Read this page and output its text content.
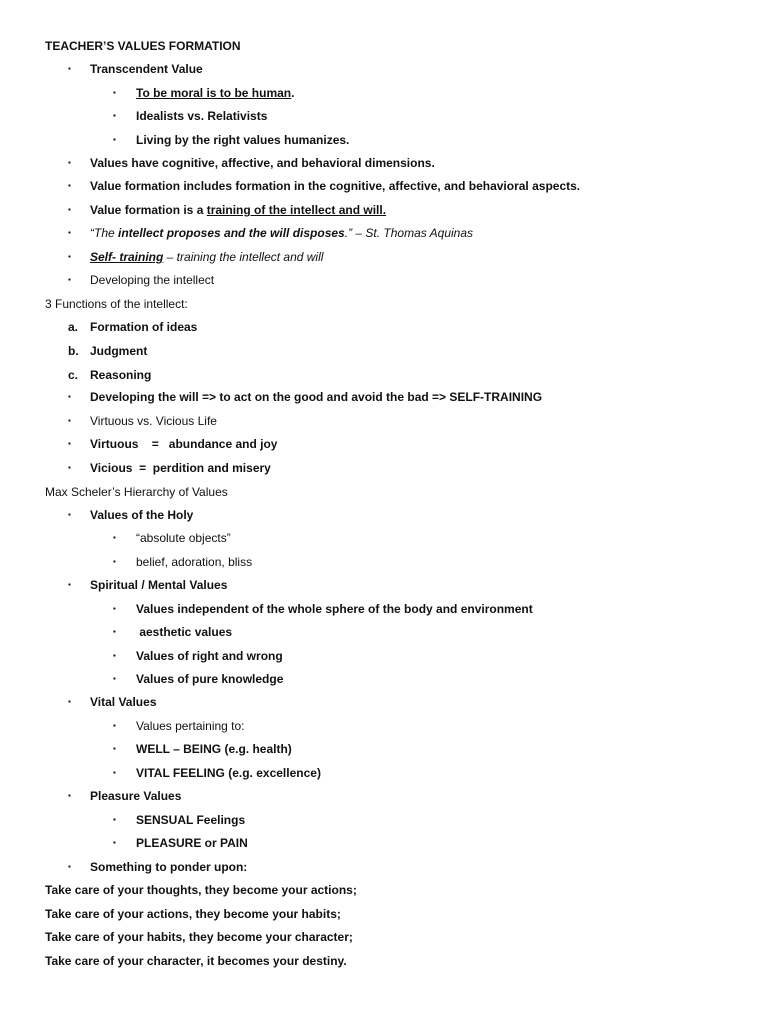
TEACHER’S VALUES FORMATION
▪ Transcendent Value
▪ To be moral is to be human.
▪ Idealists vs. Relativists
▪ Living by the right values humanizes.
▪ Values have cognitive, affective, and behavioral dimensions.
▪ Value formation includes formation in the cognitive, affective, and behavioral aspects.
▪ Value formation is a training of the intellect and will.
▪ “The intellect proposes and the will disposes.” – St. Thomas Aquinas
▪ Self- training – training the intellect and will
▪ Developing the intellect
3 Functions of the intellect:
a. Formation of ideas
b. Judgment
c. Reasoning
▪ Developing the will => to act on the good and avoid the bad => SELF-TRAINING
▪ Virtuous vs. Vicious Life
▪ Virtuous    =   abundance and joy
▪ Vicious  =  perdition and misery
Max Scheler’s Hierarchy of Values
▪ Values of the Holy
▪ “absolute objects”
▪ belief, adoration, bliss
▪ Spiritual / Mental Values
▪ Values independent of the whole sphere of the body and environment
▪ aesthetic values
▪ Values of right and wrong
▪ Values of pure knowledge
▪ Vital Values
▪ Values pertaining to:
▪ WELL – BEING (e.g. health)
▪ VITAL FEELING (e.g. excellence)
▪ Pleasure Values
▪ SENSUAL Feelings
▪ PLEASURE or PAIN
▪ Something to ponder upon:
Take care of your thoughts, they become your actions;
Take care of your actions, they become your habits;
Take care of your habits, they become your character;
Take care of your character, it becomes your destiny.
